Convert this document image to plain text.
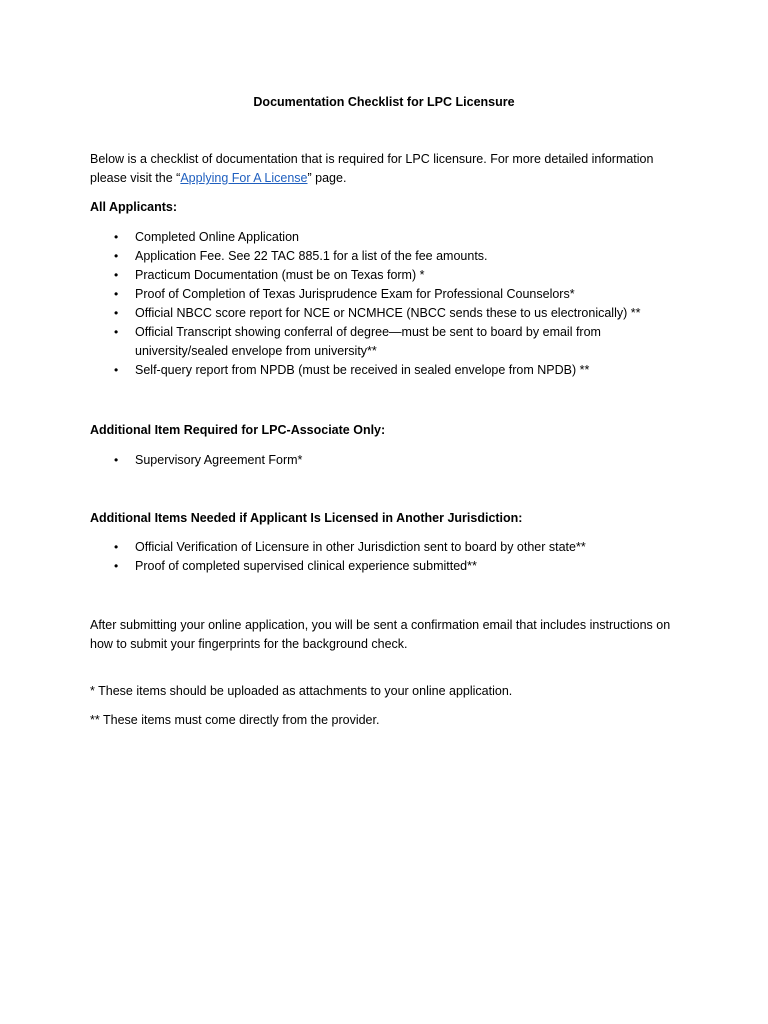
Documentation Checklist for LPC Licensure

Below is a checklist of documentation that is required for LPC licensure. For more detailed information please visit the “Applying For A License” page.

All Applicants:

• Completed Online Application
• Application Fee. See 22 TAC 885.1 for a list of the fee amounts.
• Practicum Documentation (must be on Texas form) *
• Proof of Completion of Texas Jurisprudence Exam for Professional Counselors*
• Official NBCC score report for NCE or NCMHCE (NBCC sends these to us electronically) **
• Official Transcript showing conferral of degree—must be sent to board by email from university/sealed envelope from university**
• Self-query report from NPDB (must be received in sealed envelope from NPDB) **

Additional Item Required for LPC-Associate Only:

• Supervisory Agreement Form*

Additional Items Needed if Applicant Is Licensed in Another Jurisdiction:

• Official Verification of Licensure in other Jurisdiction sent to board by other state**
• Proof of completed supervised clinical experience submitted**

After submitting your online application, you will be sent a confirmation email that includes instructions on how to submit your fingerprints for the background check.

* These items should be uploaded as attachments to your online application.

** These items must come directly from the provider.
